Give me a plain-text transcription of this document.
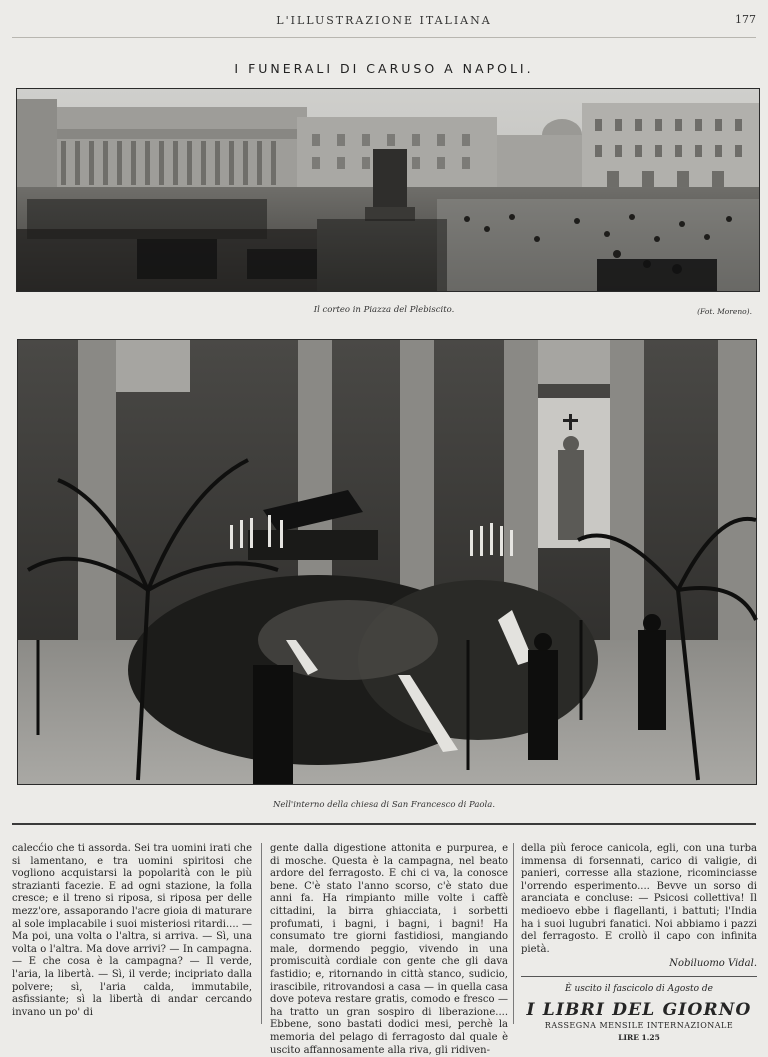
L'ILLUSTRAZIONE ITALIANA	177
I FUNERALI DI CARUSO A NAPOLI.
Il corteo in Piazza del Plebiscito.	(Fot. Moreno).
Nell'interno della chiesa di San Francesco di Paola.

calecćio che ti assorda. Sei tra uomini irati che si lamentano, e tra uomini spiritosi che vogliono acquistarsi la popolarità con le più strazianti facezie. E ad ogni stazione, la folla cresce; e il treno si riposa, si riposa per delle mezz'ore, assaporando l'acre gioia di maturare al sole implacabile i suoi misteriosi ritardi.... — Ma poi, una volta o l'altra, si arriva. — Sì, una volta o l'altra. Ma dove arrivi? — In campagna. — E che cosa è la campagna? — Il verde, l'aria, la libertà. — Sì, il verde; incipriato dalla polvere; sì, l'aria calda, immutabile, asfissiante; sì la libertà di andar cercando invano un po' di

gente dalla digestione attonita e purpurea, e di mosche. Questa è la campagna, nel beato ardore del ferragosto. E chi ci va, la conosce bene. C'è stato l'anno scorso, c'è stato due anni fa. Ha rimpianto mille volte i caffè cittadini, la birra ghiacciata, i sorbetti profumati, i bagni, i bagni, i bagni! Ha consumato tre giorni fastidiosi, mangiando male, dormendo peggio, vivendo in una promiscuità cordiale con gente che gli dava fastidio; e, ritornando in città stanco, sudicio, irascibile, ritrovandosi a casa — in quella casa dove poteva restare gratis, comodo e fresco — ha tratto un gran sospiro di liberazione.... Ebbene, sono bastati dodici mesi, perchè la memoria del pelago di ferragosto dal quale è uscito affannosamente alla riva, gli ridiven-

della più feroce canicola, egli, con una turba immensa di forsennati, carico di valigie, di panieri, corresse alla stazione, ricominciasse l'orrendo esperimento.... Bevve un sorso di aranciata e concluse: — Psicosi collettiva! Il medioevo ebbe i flagellanti, i battuti; l'India ha i suoi lugubri fanatici. Noi abbiamo i pazzi del ferragosto. E crollò il capo con infinita pietà.

Nobiluomo Vidal.
È uscito il fascicolo di Agosto de
I LIBRI DEL GIORNO
RASSEGNA MENSILE INTERNAZIONALE
LIRE 1.25
